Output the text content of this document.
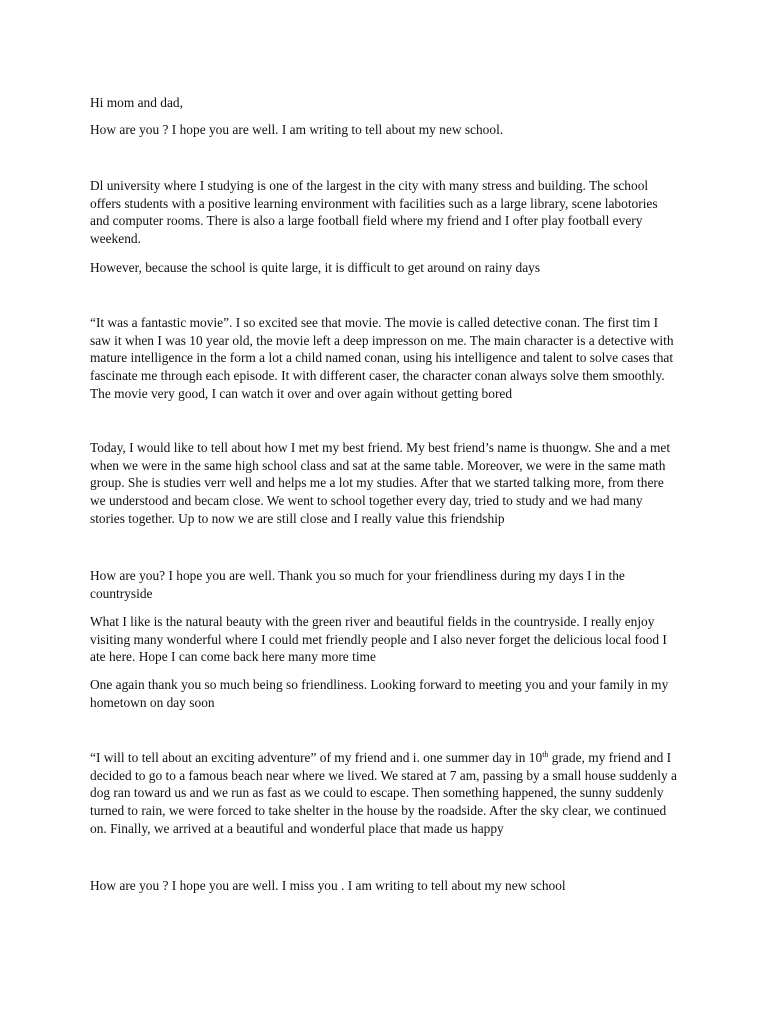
Hi mom and dad,

How are you ? I hope you are well. I am writing to tell about my new school.

Dl university where I studying is one of the largest in the city with many stress and building. The school offers students with a positive learning environment with facilities such as a large library, scene labotories and computer rooms. There is also a large football field where my friend and I ofter play football every weekend.

However, because the school is quite large, it is difficult to get around on rainy days

“It was a fantastic movie”. I so excited see that movie. The movie is called detective conan. The first tim I saw it when I was 10 year old, the movie left a deep impresson on me. The main character is a detective with mature intelligence in the form a lot a child named conan, using his intelligence and talent to solve cases that fascinate me through each episode. It with different caser, the character conan always solve them smoothly. The movie very good, I can watch it over and over again without getting bored

Today, I would like to tell about how I met my best friend. My best friend’s name is thuongw. She and a met when we were in the same high school class and sat at the same table. Moreover, we were in the same math group. She is studies verr well and helps me a lot my studies. After that we started talking more, from there we understood and becam close. We went to school together every day, tried to study and we had many stories together. Up to now we are still close and I really value this friendship

How are you? I hope you are well. Thank you so much for your friendliness during my days I in the countryside

What I like is the natural beauty with the green river and beautiful fields in the countryside. I really enjoy visiting many wonderful where I could met friendly people and I also never forget the delicious local food I ate here. Hope I can come back here many more time

One again thank you so much being so friendliness. Looking forward to meeting you and your family in my hometown on day soon

“I will to tell about an exciting adventure” of my friend and i. one summer day in 10th grade, my friend and I decided to go to a famous beach near where we lived. We stared at 7 am, passing by a small house suddenly a dog ran toward us and we run as fast as we could to escape. Then something happened, the sunny suddenly turned to rain, we were forced to take shelter in the house by the roadside. After the sky clear, we continued on. Finally, we arrived at a beautiful and wonderful place that made us happy

How are you ? I hope you are well. I miss you . I am writing to tell about my new school
